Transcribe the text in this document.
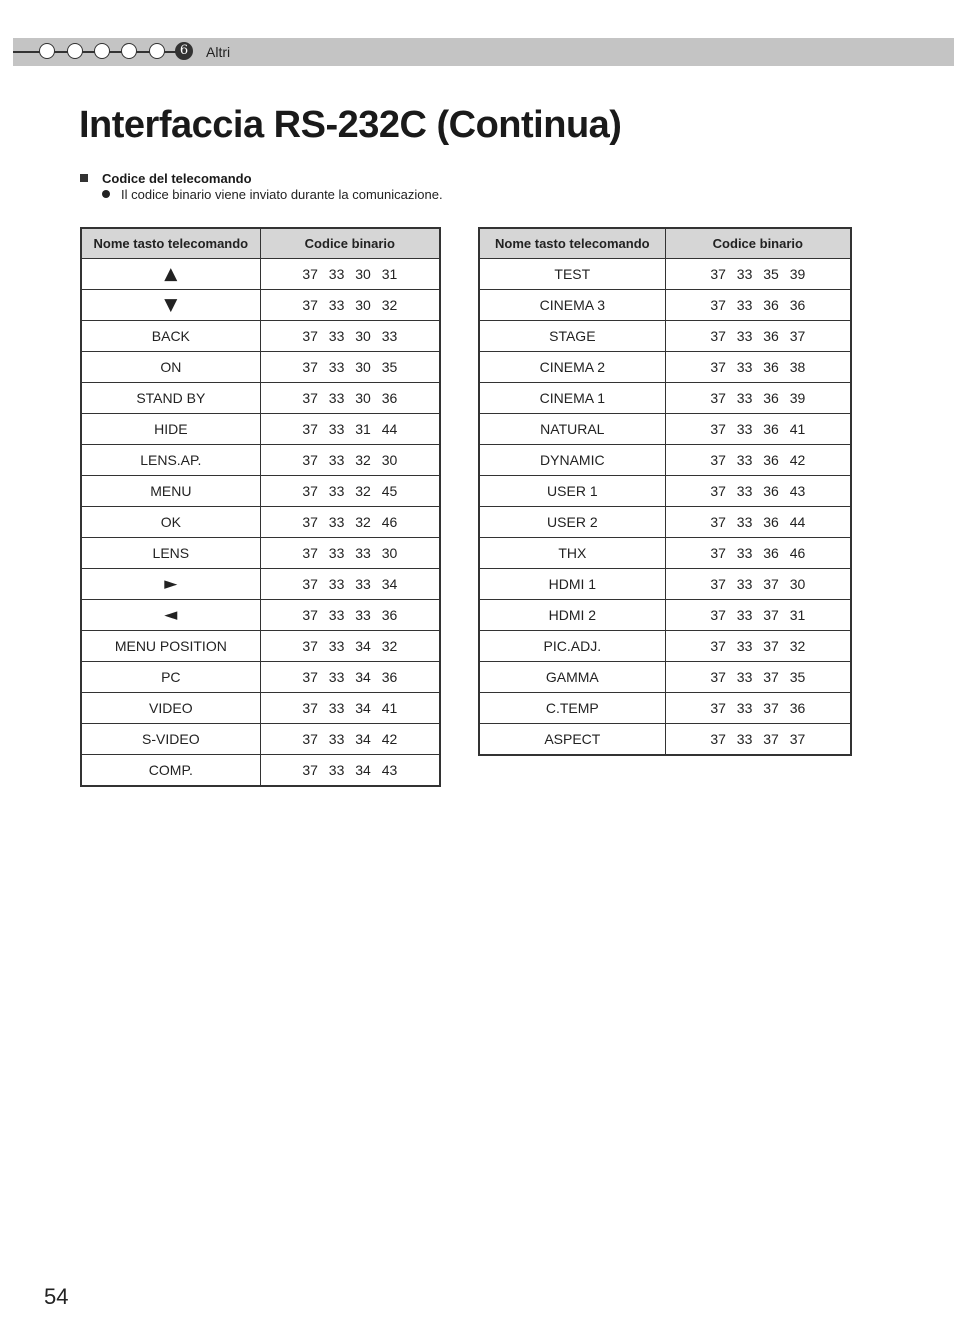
6	Altri
Interfaccia RS-232C (Continua)
Codice del telecomando
Il codice binario viene inviato durante la comunicazione.
Nome tasto telecomando	Codice binario
▲	37 33 30 31
▼	37 33 30 32
BACK	37 33 30 33
ON	37 33 30 35
STAND BY	37 33 30 36
HIDE	37 33 31 44
LENS.AP.	37 33 32 30
MENU	37 33 32 45
OK	37 33 32 46
LENS	37 33 33 30
►	37 33 33 34
◄	37 33 33 36
MENU POSITION	37 33 34 32
PC	37 33 34 36
VIDEO	37 33 34 41
S-VIDEO	37 33 34 42
COMP.	37 33 34 43
Nome tasto telecomando	Codice binario
TEST	37 33 35 39
CINEMA 3	37 33 36 36
STAGE	37 33 36 37
CINEMA 2	37 33 36 38
CINEMA 1	37 33 36 39
NATURAL	37 33 36 41
DYNAMIC	37 33 36 42
USER 1	37 33 36 43
USER 2	37 33 36 44
THX	37 33 36 46
HDMI 1	37 33 37 30
HDMI 2	37 33 37 31
PIC.ADJ.	37 33 37 32
GAMMA	37 33 37 35
C.TEMP	37 33 37 36
ASPECT	37 33 37 37
54
